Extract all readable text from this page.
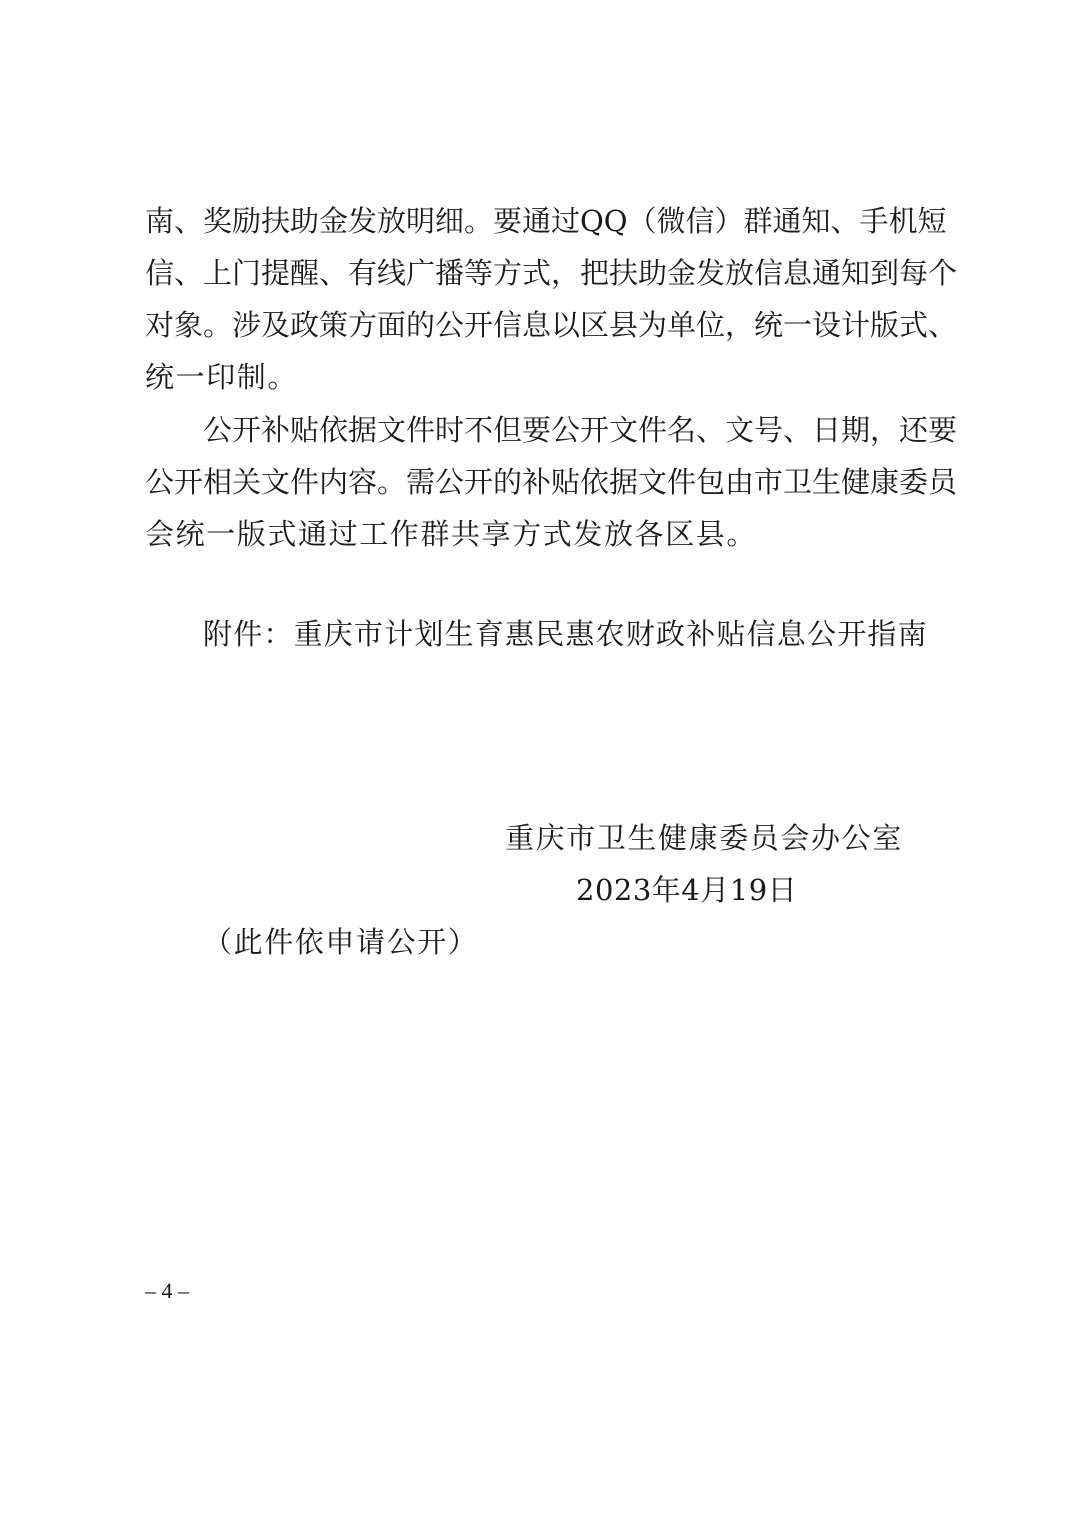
南、奖励扶助金发放明细。要通过QQ（微信）群通知、手机短
信、上门提醒、有线广播等方式，把扶助金发放信息通知到每个
对象。涉及政策方面的公开信息以区县为单位，统一设计版式、
统一印制。
公开补贴依据文件时不但要公开文件名、文号、日期，还要
公开相关文件内容。需公开的补贴依据文件包由市卫生健康委员
会统一版式通过工作群共享方式发放各区县。
附件：重庆市计划生育惠民惠农财政补贴信息公开指南
重庆市卫生健康委员会办公室
2023年4月19日
（此件依申请公开）
– 4 –
